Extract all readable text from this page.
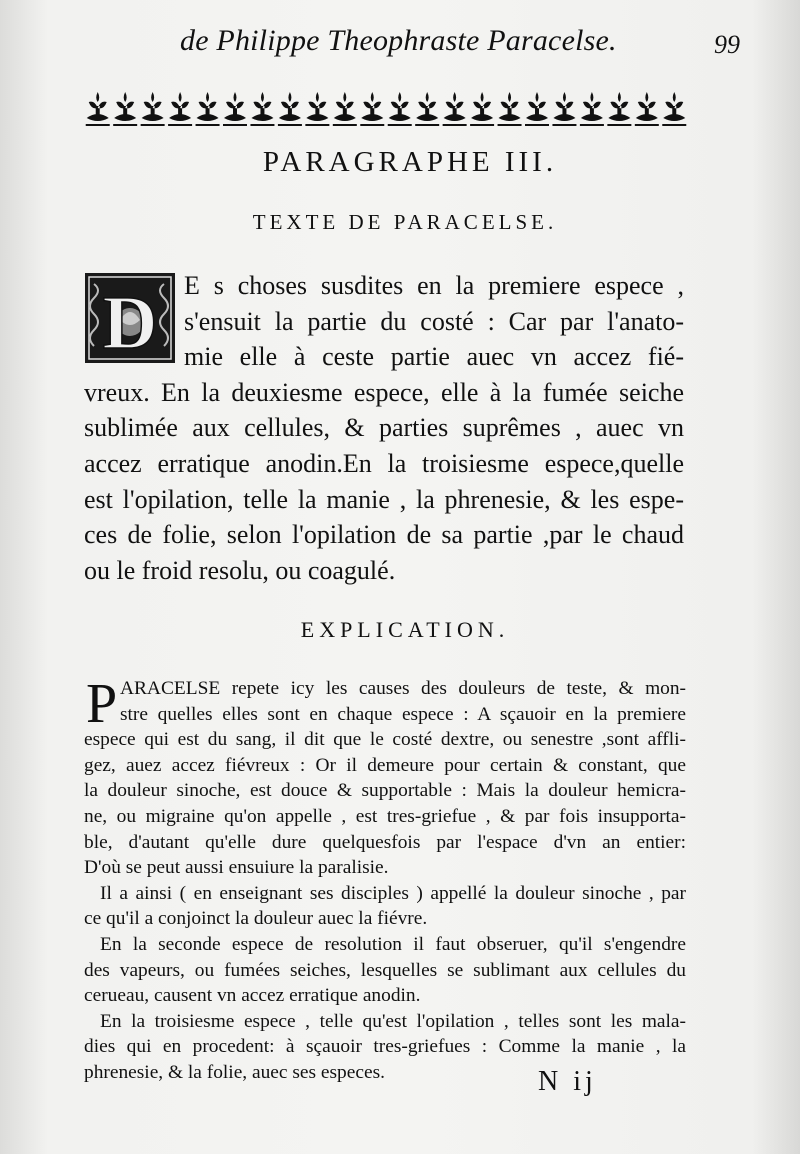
de Philippe Theophraste Paracelse.	99
PARAGRAPHE III.
TEXTE DE PARACELSE.
D	E s choses susdites en la premiere espece ,
s'ensuit la partie du costé : Car par l'anato-
mie elle à ceste partie auec vn accez fié-
vreux. En la deuxiesme espece, elle à la fumée seiche
sublimée aux cellules, & parties suprêmes , auec vn
accez erratique anodin.En la troisiesme espece,quelle
est l'opilation, telle la manie , la phrenesie, & les espe-
ces de folie, selon l'opilation de sa partie ,par le chaud
ou le froid resolu, ou coagulé.
EXPLICATION.
P ARACELSE repete icy les causes des douleurs de teste, & mon-
stre quelles elles sont en chaque espece : A sçauoir en la premiere
espece qui est du sang, il dit que le costé dextre, ou senestre ,sont affli-
gez, auez accez fiévreux : Or il demeure pour certain & constant, que
la douleur sinoche, est douce & supportable : Mais la douleur hemicra-
ne, ou migraine qu'on appelle , est tres-griefue , & par fois insupporta-
ble, d'autant qu'elle dure quelquesfois par l'espace d'vn an entier:
D'où se peut aussi ensuiure la paralisie.
Il a ainsi ( en enseignant ses disciples ) appellé la douleur sinoche , par
ce qu'il a conjoinct la douleur auec la fiévre.
En la seconde espece de resolution il faut obseruer, qu'il s'engendre
des vapeurs, ou fumées seiches, lesquelles se sublimant aux cellules du
cerueau, causent vn accez erratique anodin.
En la troisiesme espece , telle qu'est l'opilation , telles sont les mala-
dies qui en procedent: à sçauoir tres-griefues : Comme la manie , la
phrenesie, & la folie, auec ses especes.	N ij
